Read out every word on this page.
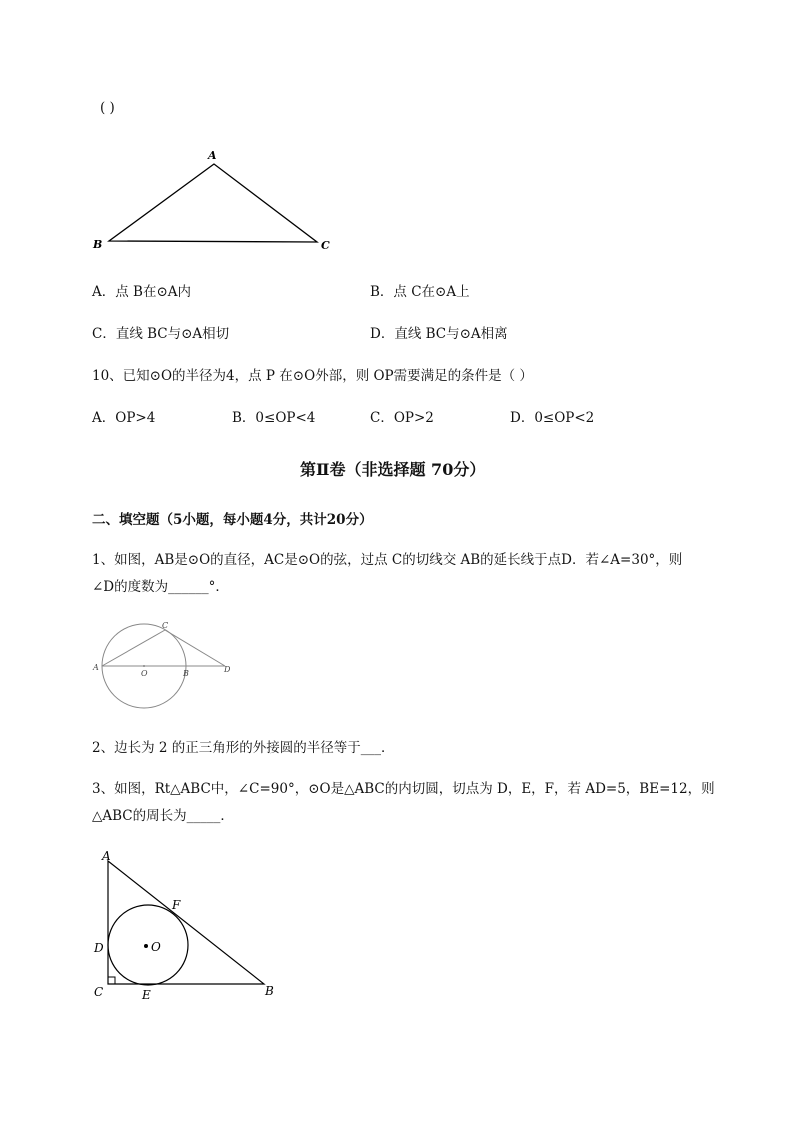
( )
A
B	C
A．点 B在⊙A内	B．点 C在⊙A上
C．直线 BC与⊙A相切	D．直线 BC与⊙A相离
10、已知⊙O的半径为4，点 P 在⊙O外部，则 OP需要满足的条件是（ ）
A．OP>4	B．0≤OP<4	C．OP>2	D．0≤OP<2
第Ⅱ卷（非选择题 70分）
二、填空题（5小题，每小题4分，共计20分）
1、如图，AB是⊙O的直径，AC是⊙O的弦，过点 C的切线交 AB的延长线于点D．若∠A=30°，则
∠D的度数为______°．
A
O	B
C
D
2、边长为 2 的正三角形的外接圆的半径等于___．
3、如图，Rt△ABC中，∠C=90°，⊙O是△ABC的内切圆，切点为 D，E，F，若 AD=5，BE=12，则
△ABC的周长为_____．
A
D
C	E
F
O
B
